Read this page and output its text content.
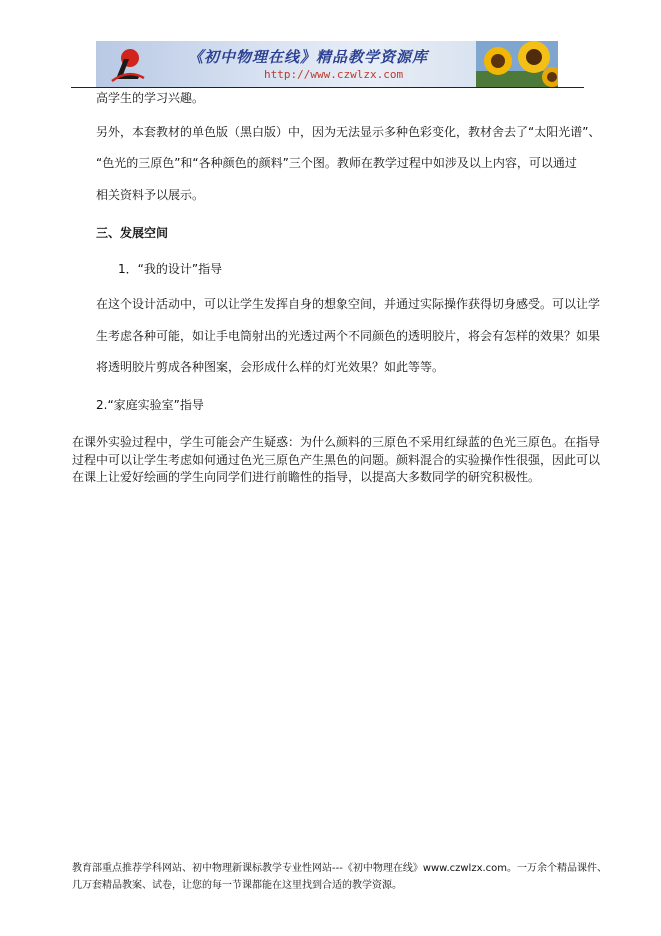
《初中物理在线》精品教学资源库
http://www.czwlzx.com
高学生的学习兴趣。
另外，本套教材的单色版（黑白版）中，因为无法显示多种色彩变化，教材舍去了“太阳光谱”、
“色光的三原色”和“各种颜色的颜料”三个图。教师在教学过程中如涉及以上内容，可以通过
相关资料予以展示。
三、发展空间
1．“我的设计”指导
在这个设计活动中，可以让学生发挥自身的想象空间，并通过实际操作获得切身感受。可以让学
生考虑各种可能，如让手电筒射出的光透过两个不同颜色的透明胶片，将会有怎样的效果？如果
将透明胶片剪成各种图案，会形成什么样的灯光效果？如此等等。
2.“家庭实验室”指导
在课外实验过程中，学生可能会产生疑惑：为什么颜料的三原色不采用红绿蓝的色光三原色。在指导
过程中可以让学生考虑如何通过色光三原色产生黑色的问题。颜料混合的实验操作性很强，因此可以
在课上让爱好绘画的学生向同学们进行前瞻性的指导，以提高大多数同学的研究积极性。
教育部重点推荐学科网站、初中物理新课标教学专业性网站---《初中物理在线》www.czwlzx.com。一万余个精品课件、
几万套精品教案、试卷，让您的每一节课都能在这里找到合适的教学资源。
